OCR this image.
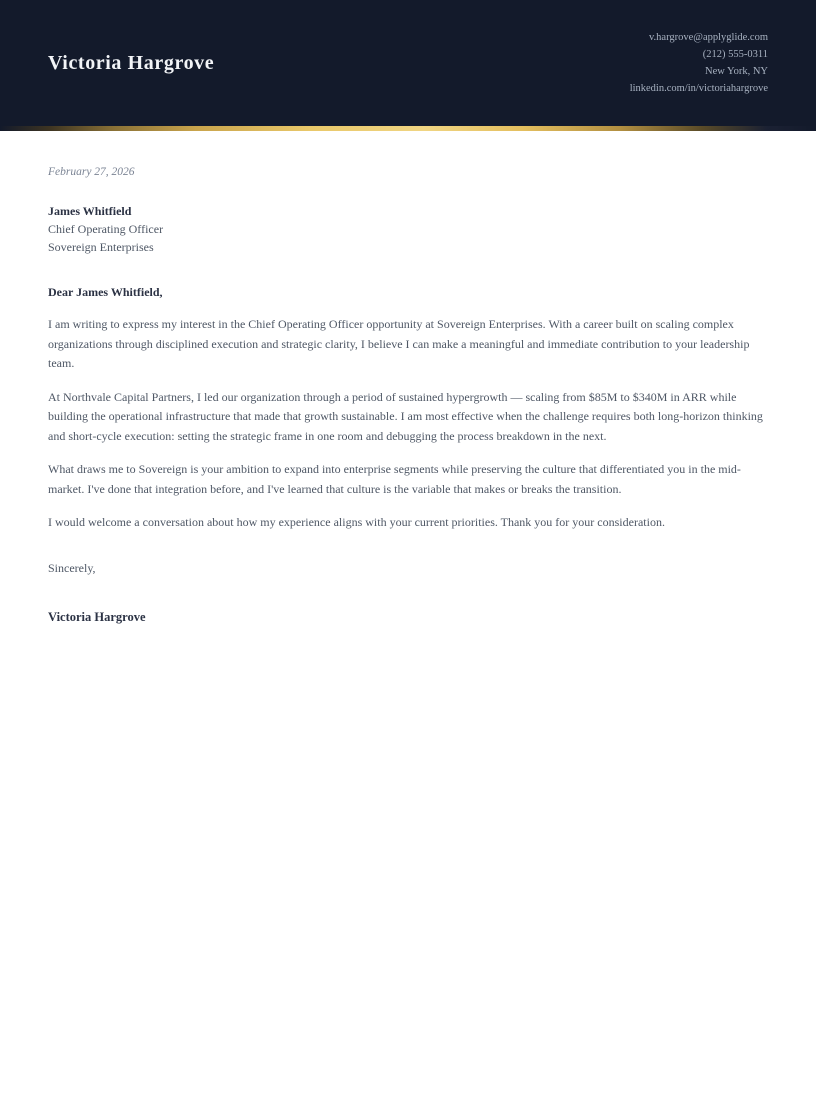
Victoria Hargrove
v.hargrove@applyglide.com
(212) 555-0311
New York, NY
linkedin.com/in/victoriahargrove
February 27, 2026
James Whitfield
Chief Operating Officer
Sovereign Enterprises
Dear James Whitfield,

I am writing to express my interest in the Chief Operating Officer opportunity at Sovereign Enterprises. With a career built on scaling complex organizations through disciplined execution and strategic clarity, I believe I can make a meaningful and immediate contribution to your leadership team.

At Northvale Capital Partners, I led our organization through a period of sustained hypergrowth — scaling from $85M to $340M in ARR while building the operational infrastructure that made that growth sustainable. I am most effective when the challenge requires both long-horizon thinking and short-cycle execution: setting the strategic frame in one room and debugging the process breakdown in the next.

What draws me to Sovereign is your ambition to expand into enterprise segments while preserving the culture that differentiated you in the mid-market. I've done that integration before, and I've learned that culture is the variable that makes or breaks the transition.

I would welcome a conversation about how my experience aligns with your current priorities. Thank you for your consideration.

Sincerely,
Victoria Hargrove
